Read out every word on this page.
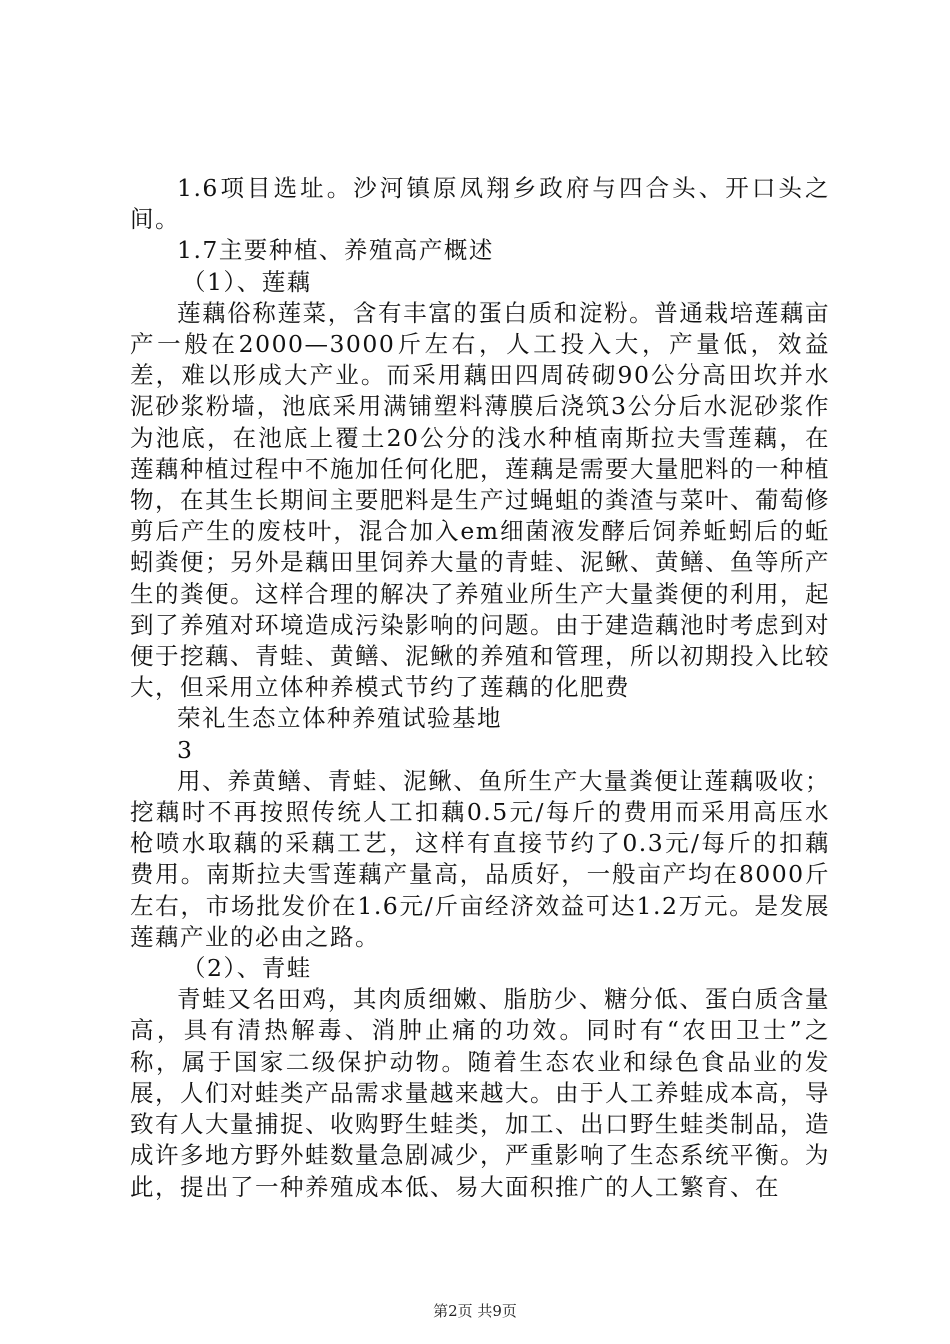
1.6项目选址。沙河镇原凤翔乡政府与四合头、开口头之间。

1.7主要种植、养殖高产概述

（1）、莲藕

莲藕俗称莲菜，含有丰富的蛋白质和淀粉。普通栽培莲藕亩产一般在2000—3000斤左右，人工投入大，产量低，效益差，难以形成大产业。而采用藕田四周砖砌90公分高田坎并水泥砂浆粉墙，池底采用满铺塑料薄膜后浇筑3公分后水泥砂浆作为池底，在池底上覆土20公分的浅水种植南斯拉夫雪莲藕，在莲藕种植过程中不施加任何化肥，莲藕是需要大量肥料的一种植物，在其生长期间主要肥料是生产过蝇蛆的粪渣与菜叶、葡萄修剪后产生的废枝叶，混合加入em细菌液发酵后饲养蚯蚓后的蚯蚓粪便；另外是藕田里饲养大量的青蛙、泥鳅、黄鳝、鱼等所产生的粪便。这样合理的解决了养殖业所生产大量粪便的利用，起到了养殖对环境造成污染影响的问题。由于建造藕池时考虑到对便于挖藕、青蛙、黄鳝、泥鳅的养殖和管理，所以初期投入比较大，但采用立体种养模式节约了莲藕的化肥费

荣礼生态立体种养殖试验基地

3

用、养黄鳝、青蛙、泥鳅、鱼所生产大量粪便让莲藕吸收；挖藕时不再按照传统人工扣藕0.5元/每斤的费用而采用高压水枪喷水取藕的采藕工艺，这样有直接节约了0.3元/每斤的扣藕费用。南斯拉夫雪莲藕产量高，品质好，一般亩产均在8000斤左右，市场批发价在1.6元/斤亩经济效益可达1.2万元。是发展莲藕产业的必由之路。

（2）、青蛙

青蛙又名田鸡，其肉质细嫩、脂肪少、糖分低、蛋白质含量高，具有清热解毒、消肿止痛的功效。同时有“农田卫士”之称，属于国家二级保护动物。随着生态农业和绿色食品业的发展，人们对蛙类产品需求量越来越大。由于人工养蛙成本高，导致有人大量捕捉、收购野生蛙类，加工、出口野生蛙类制品，造成许多地方野外蛙数量急剧减少，严重影响了生态系统平衡。为此，提出了一种养殖成本低、易大面积推广的人工繁育、在

第2页 共9页
